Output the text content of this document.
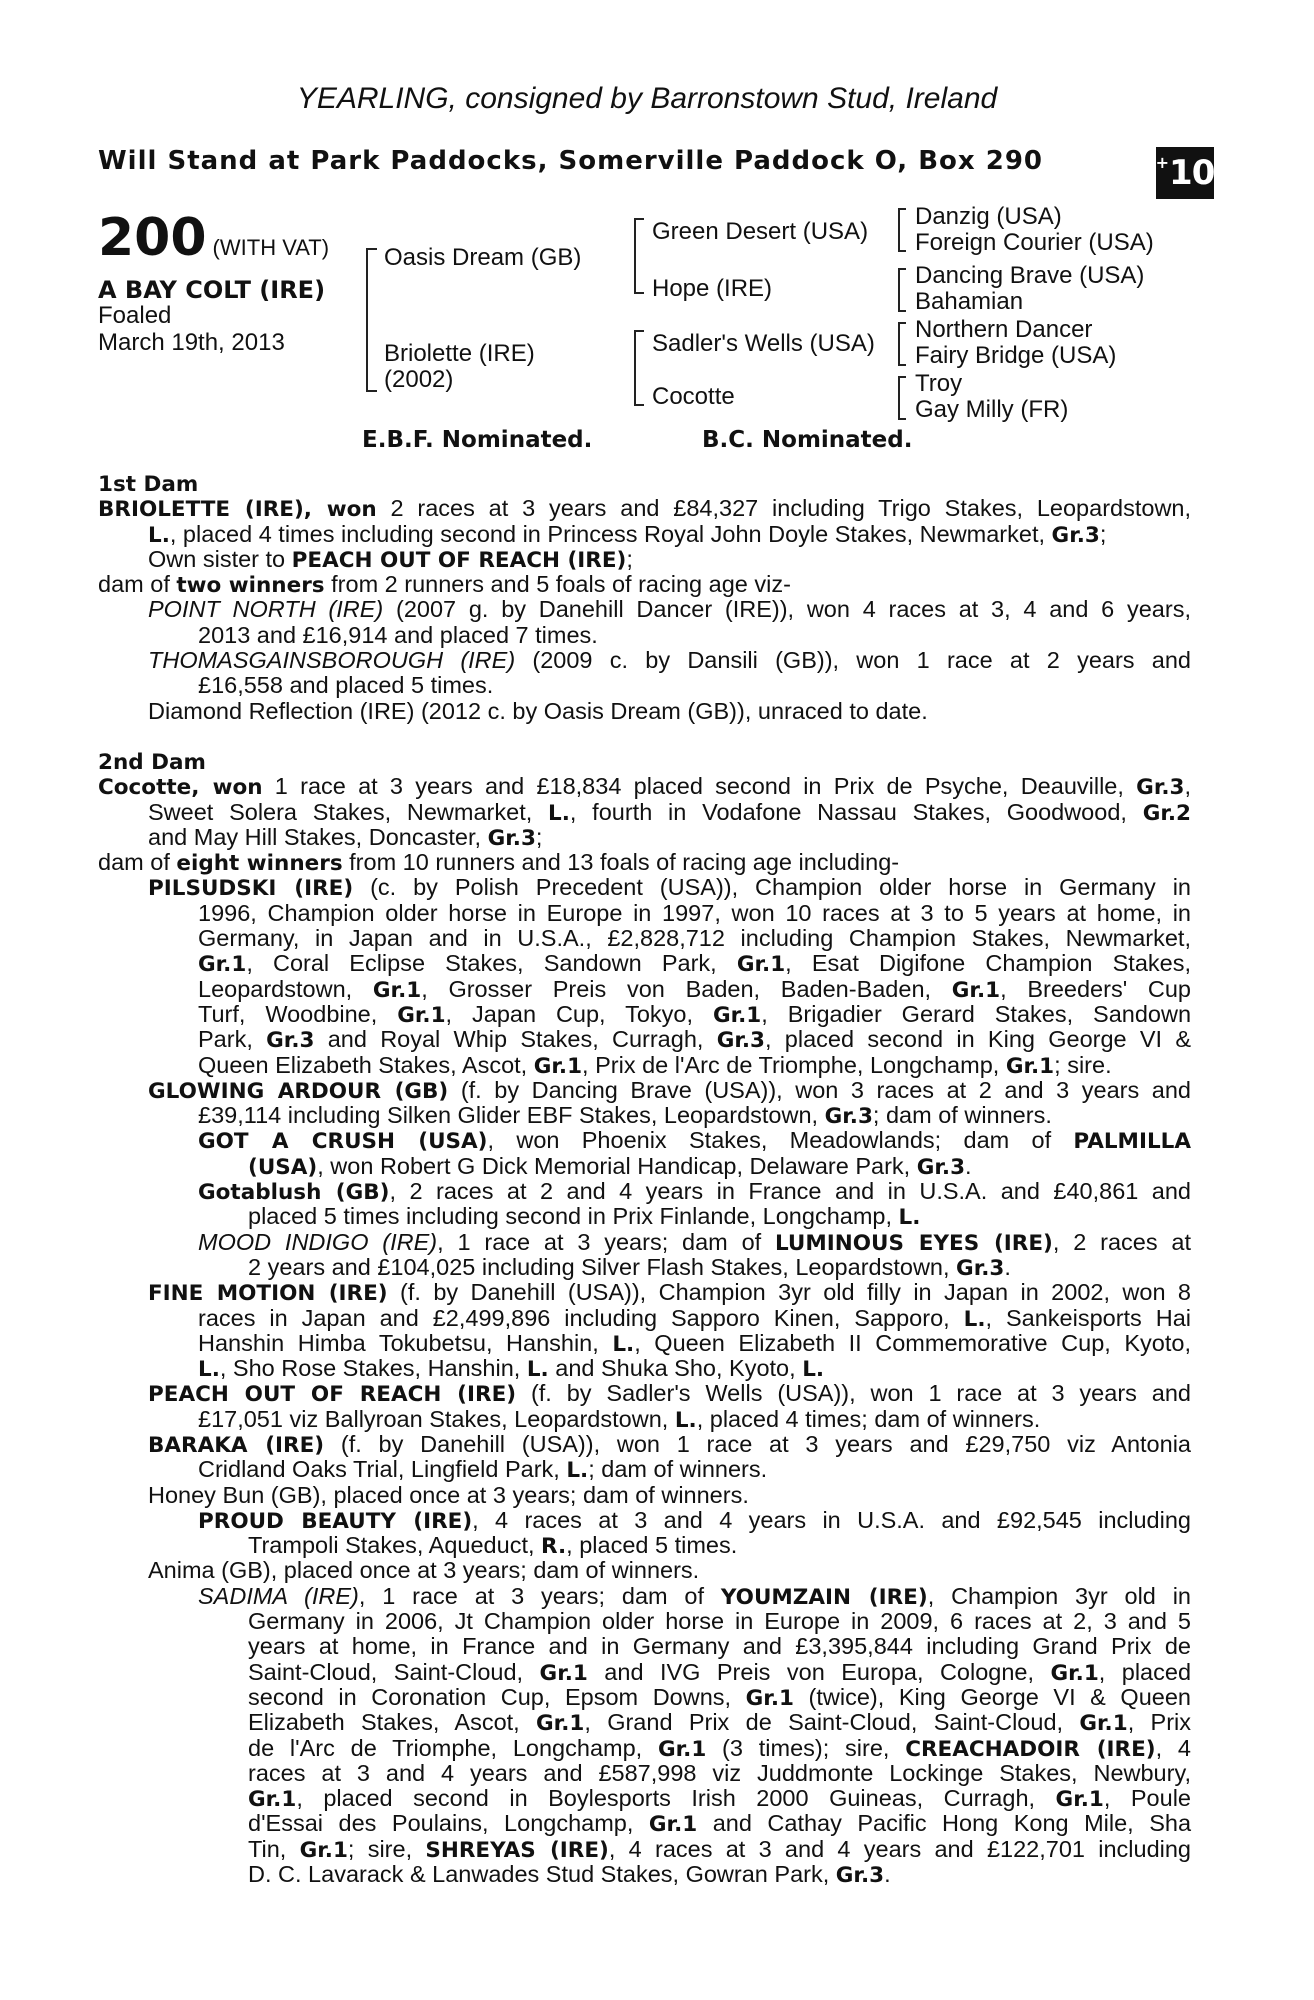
YEARLING, consigned by Barronstown Stud, Ireland
Will Stand at Park Paddocks, Somerville Paddock O, Box 290	+ 10
200 (WITH VAT)
A BAY COLT (IRE)
Foaled
March 19th, 2013
Oasis Dream (GB)
Briolette (IRE)
(2002)
Green Desert (USA)
Hope (IRE)
Sadler's Wells (USA)
Cocotte
Danzig (USA)
Foreign Courier (USA)
Dancing Brave (USA)
Bahamian
Northern Dancer
Fairy Bridge (USA)
Troy
Gay Milly (FR)
E.B.F. Nominated.	B.C. Nominated.
1st Dam
BRIOLETTE (IRE), won 2 races at 3 years and £84,327 including Trigo Stakes, Leopardstown,
L., placed 4 times including second in Princess Royal John Doyle Stakes, Newmarket, Gr.3;
Own sister to PEACH OUT OF REACH (IRE);
dam of two winners from 2 runners and 5 foals of racing age viz-
POINT NORTH (IRE) (2007 g. by Danehill Dancer (IRE)), won 4 races at 3, 4 and 6 years,
2013 and £16,914 and placed 7 times.
THOMASGAINSBOROUGH (IRE) (2009 c. by Dansili (GB)), won 1 race at 2 years and
£16,558 and placed 5 times.
Diamond Reflection (IRE) (2012 c. by Oasis Dream (GB)), unraced to date.
2nd Dam
Cocotte, won 1 race at 3 years and £18,834 placed second in Prix de Psyche, Deauville, Gr.3,
Sweet Solera Stakes, Newmarket, L., fourth in Vodafone Nassau Stakes, Goodwood, Gr.2
and May Hill Stakes, Doncaster, Gr.3;
dam of eight winners from 10 runners and 13 foals of racing age including-
PILSUDSKI (IRE) (c. by Polish Precedent (USA)), Champion older horse in Germany in
1996, Champion older horse in Europe in 1997, won 10 races at 3 to 5 years at home, in
Germany, in Japan and in U.S.A., £2,828,712 including Champion Stakes, Newmarket,
Gr.1, Coral Eclipse Stakes, Sandown Park, Gr.1, Esat Digifone Champion Stakes,
Leopardstown, Gr.1, Grosser Preis von Baden, Baden-Baden, Gr.1, Breeders' Cup
Turf, Woodbine, Gr.1, Japan Cup, Tokyo, Gr.1, Brigadier Gerard Stakes, Sandown
Park, Gr.3 and Royal Whip Stakes, Curragh, Gr.3, placed second in King George VI &
Queen Elizabeth Stakes, Ascot, Gr.1, Prix de l'Arc de Triomphe, Longchamp, Gr.1; sire.
GLOWING ARDOUR (GB) (f. by Dancing Brave (USA)), won 3 races at 2 and 3 years and
£39,114 including Silken Glider EBF Stakes, Leopardstown, Gr.3; dam of winners.
GOT A CRUSH (USA), won Phoenix Stakes, Meadowlands; dam of PALMILLA
(USA), won Robert G Dick Memorial Handicap, Delaware Park, Gr.3.
Gotablush (GB), 2 races at 2 and 4 years in France and in U.S.A. and £40,861 and
placed 5 times including second in Prix Finlande, Longchamp, L.
MOOD INDIGO (IRE), 1 race at 3 years; dam of LUMINOUS EYES (IRE), 2 races at
2 years and £104,025 including Silver Flash Stakes, Leopardstown, Gr.3.
FINE MOTION (IRE) (f. by Danehill (USA)), Champion 3yr old filly in Japan in 2002, won 8
races in Japan and £2,499,896 including Sapporo Kinen, Sapporo, L., Sankeisports Hai
Hanshin Himba Tokubetsu, Hanshin, L., Queen Elizabeth II Commemorative Cup, Kyoto,
L., Sho Rose Stakes, Hanshin, L. and Shuka Sho, Kyoto, L.
PEACH OUT OF REACH (IRE) (f. by Sadler's Wells (USA)), won 1 race at 3 years and
£17,051 viz Ballyroan Stakes, Leopardstown, L., placed 4 times; dam of winners.
BARAKA (IRE) (f. by Danehill (USA)), won 1 race at 3 years and £29,750 viz Antonia
Cridland Oaks Trial, Lingfield Park, L.; dam of winners.
Honey Bun (GB), placed once at 3 years; dam of winners.
PROUD BEAUTY (IRE), 4 races at 3 and 4 years in U.S.A. and £92,545 including
Trampoli Stakes, Aqueduct, R., placed 5 times.
Anima (GB), placed once at 3 years; dam of winners.
SADIMA (IRE), 1 race at 3 years; dam of YOUMZAIN (IRE), Champion 3yr old in
Germany in 2006, Jt Champion older horse in Europe in 2009, 6 races at 2, 3 and 5
years at home, in France and in Germany and £3,395,844 including Grand Prix de
Saint-Cloud, Saint-Cloud, Gr.1 and IVG Preis von Europa, Cologne, Gr.1, placed
second in Coronation Cup, Epsom Downs, Gr.1 (twice), King George VI & Queen
Elizabeth Stakes, Ascot, Gr.1, Grand Prix de Saint-Cloud, Saint-Cloud, Gr.1, Prix
de l'Arc de Triomphe, Longchamp, Gr.1 (3 times); sire, CREACHADOIR (IRE), 4
races at 3 and 4 years and £587,998 viz Juddmonte Lockinge Stakes, Newbury,
Gr.1, placed second in Boylesports Irish 2000 Guineas, Curragh, Gr.1, Poule
d'Essai des Poulains, Longchamp, Gr.1 and Cathay Pacific Hong Kong Mile, Sha
Tin, Gr.1; sire, SHREYAS (IRE), 4 races at 3 and 4 years and £122,701 including
D. C. Lavarack & Lanwades Stud Stakes, Gowran Park, Gr.3.
